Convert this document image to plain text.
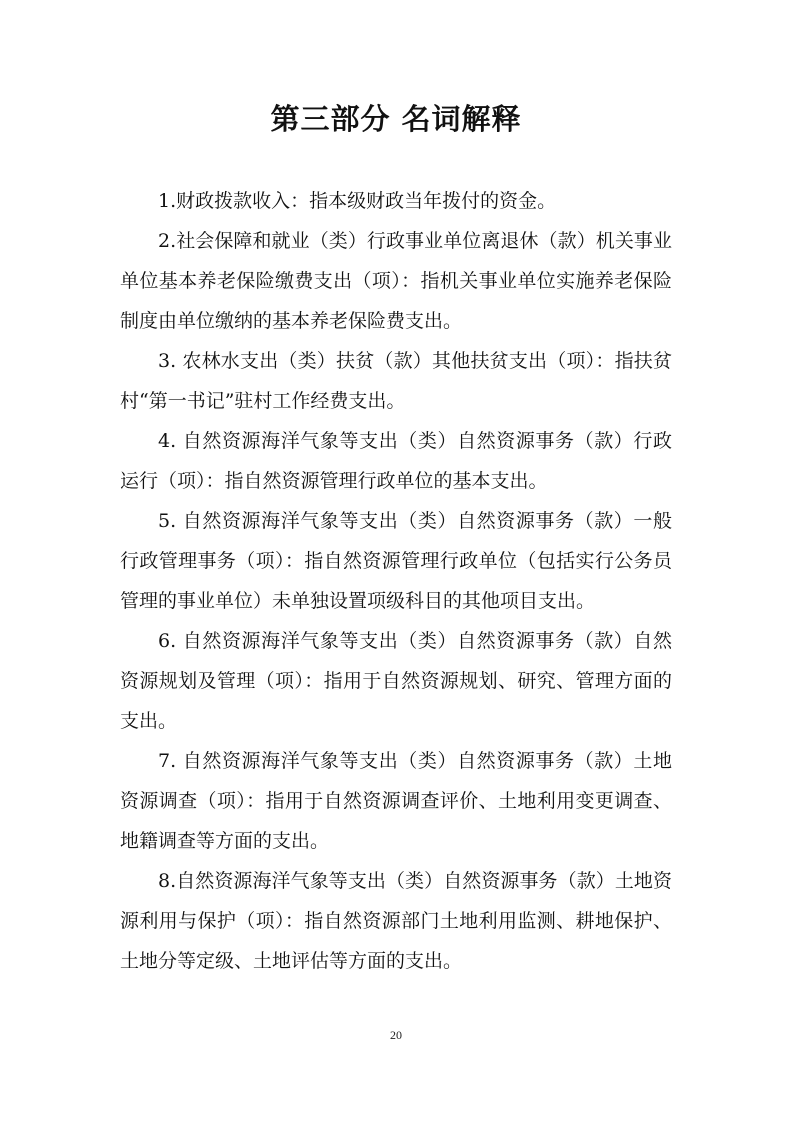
第三部分 名词解释

1.财政拨款收入：指本级财政当年拨付的资金。

2.社会保障和就业（类）行政事业单位离退休（款）机关事业单位基本养老保险缴费支出（项）：指机关事业单位实施养老保险制度由单位缴纳的基本养老保险费支出。

3. 农林水支出（类）扶贫（款）其他扶贫支出（项）：指扶贫村“第一书记”驻村工作经费支出。

4. 自然资源海洋气象等支出（类）自然资源事务（款）行政运行（项）：指自然资源管理行政单位的基本支出。

5. 自然资源海洋气象等支出（类）自然资源事务（款）一般行政管理事务（项）：指自然资源管理行政单位（包括实行公务员管理的事业单位）未单独设置项级科目的其他项目支出。

6. 自然资源海洋气象等支出（类）自然资源事务（款）自然资源规划及管理（项）：指用于自然资源规划、研究、管理方面的支出。

7. 自然资源海洋气象等支出（类）自然资源事务（款）土地资源调查（项）：指用于自然资源调查评价、土地利用变更调查、地籍调查等方面的支出。

8.自然资源海洋气象等支出（类）自然资源事务（款）土地资源利用与保护（项）：指自然资源部门土地利用监测、耕地保护、土地分等定级、土地评估等方面的支出。

20
